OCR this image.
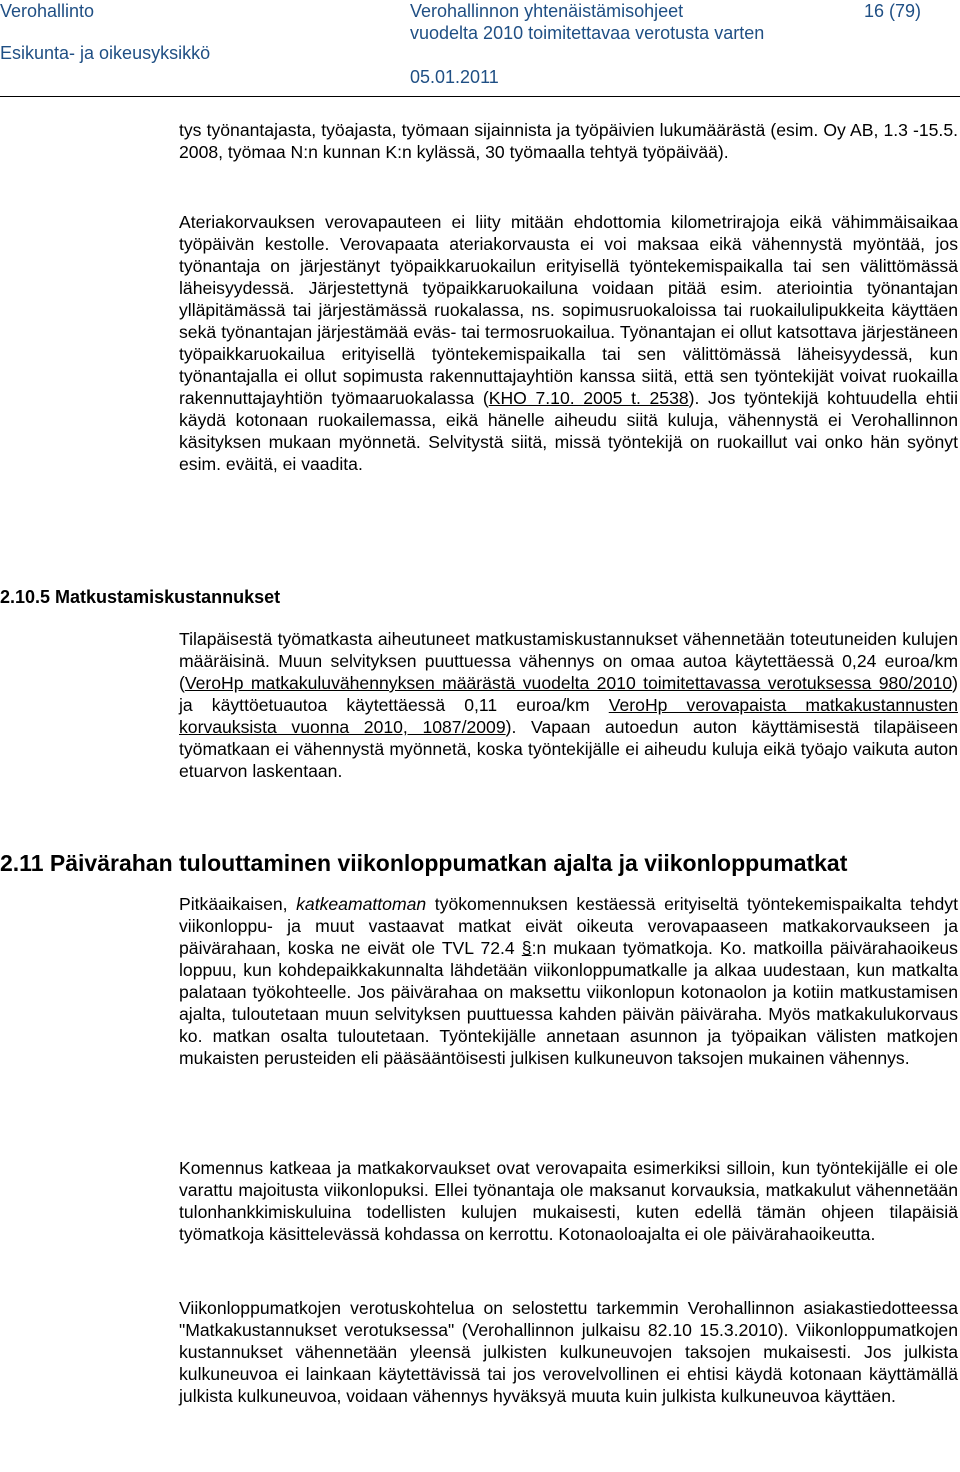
Verohallinto
Esikunta- ja oikeusyksikkö
Verohallinnon yhtenäistämisohjeet
vuodelta 2010 toimitettavaa verotusta varten
05.01.2011
16 (79)

tys työnantajasta, työajasta, työmaan sijainnista ja työpäivien lukumäärästä (esim. Oy AB, 1.3 -15.5. 2008, työmaa N:n kunnan K:n kylässä, 30 työmaalla tehtyä työpäivää).

Ateriakorvauksen verovapauteen ei liity mitään ehdottomia kilometrirajoja eikä vähimmäisaikaa työpäivän kestolle. Verovapaata ateriakorvausta ei voi maksaa eikä vähennystä myöntää, jos työnantaja on järjestänyt työpaikkaruokailun erityisellä työntekemispaikalla tai sen välittömässä läheisyydessä. Järjestettynä työpaikkaruokailuna voidaan pitää esim. ateriointia työnantajan ylläpitämässä tai järjestämässä ruokalassa, ns. sopimusruokaloissa tai ruokailulipukkeita käyttäen sekä työnantajan järjestämää eväs- tai termosruokailua. Työnantajan ei ollut katsottava järjestäneen työpaikkaruokailua erityisellä työntekemispaikalla tai sen välittömässä läheisyydessä, kun työnantajalla ei ollut sopimusta rakennuttajayhtiön kanssa siitä, että sen työntekijät voivat ruokailla rakennuttajayhtiön työmaaruokalassa (KHO 7.10. 2005 t. 2538). Jos työntekijä kohtuudella ehtii käydä kotonaan ruokailemassa, eikä hänelle aiheudu siitä kuluja, vähennystä ei Verohallinnon käsityksen mukaan myönnetä. Selvitystä siitä, missä työntekijä on ruokaillut vai onko hän syönyt esim. eväitä, ei vaadita.

2.10.5 Matkustamiskustannukset

Tilapäisestä työmatkasta aiheutuneet matkustamiskustannukset vähennetään toteutuneiden kulujen määräisinä. Muun selvityksen puuttuessa vähennys on omaa autoa käytettäessä 0,24 euroa/km (VeroHp matkakuluvähennyksen määrästä vuodelta 2010 toimitettavassa verotuksessa 980/2010) ja käyttöetuautoa käytettäessä 0,11 euroa/km VeroHp verovapaista matkakustannusten korvauksista vuonna 2010, 1087/2009). Vapaan autoedun auton käyttämisestä tilapäiseen työmatkaan ei vähennystä myönnetä, koska työntekijälle ei aiheudu kuluja eikä työajo vaikuta auton etuarvon laskentaan.

2.11 Päivärahan tulouttaminen viikonloppumatkan ajalta ja viikonloppumatkat

Pitkäaikaisen, katkeamattoman työkomennuksen kestäessä erityiseltä työntekemispaikalta tehdyt viikonloppu- ja muut vastaavat matkat eivät oikeuta verovapaaseen matkakorvaukseen ja päivärahaan, koska ne eivät ole TVL 72.4 §:n mukaan työmatkoja. Ko. matkoilla päivärahaoikeus loppuu, kun kohdepaikkakunnalta lähdetään viikonloppumatkalle ja alkaa uudestaan, kun matkalta palataan työkohteelle. Jos päivärahaa on maksettu viikonlopun kotonaolon ja kotiin matkustamisen ajalta, tuloutetaan muun selvityksen puuttuessa kahden päivän päiväraha. Myös matkakulukorvaus ko. matkan osalta tuloutetaan. Työntekijälle annetaan asunnon ja työpaikan välisten matkojen mukaisten perusteiden eli pääsääntöisesti julkisen kulkuneuvon taksojen mukainen vähennys.

Komennus katkeaa ja matkakorvaukset ovat verovapaita esimerkiksi silloin, kun työntekijälle ei ole varattu majoitusta viikonlopuksi. Ellei työnantaja ole maksanut korvauksia, matkakulut vähennetään tulonhankkimiskuluina todellisten kulujen mukaisesti, kuten edellä tämän ohjeen tilapäisiä työmatkoja käsittelevässä kohdassa on kerrottu. Kotonaoloajalta ei ole päivärahaoikeutta.

Viikonloppumatkojen verotuskohtelua on selostettu tarkemmin Verohallinnon asiakastiedotteessa "Matkakustannukset verotuksessa" (Verohallinnon julkaisu 82.10 15.3.2010). Viikonloppumatkojen kustannukset vähennetään yleensä julkisten kulkuneuvojen taksojen mukaisesti. Jos julkista kulkuneuvoa ei lainkaan käytettävissä tai jos verovelvollinen ei ehtisi käydä kotonaan käyttämällä julkista kulkuneuvoa, voidaan vähennys hyväksyä muuta kuin julkista kulkuneuvoa käyttäen.
